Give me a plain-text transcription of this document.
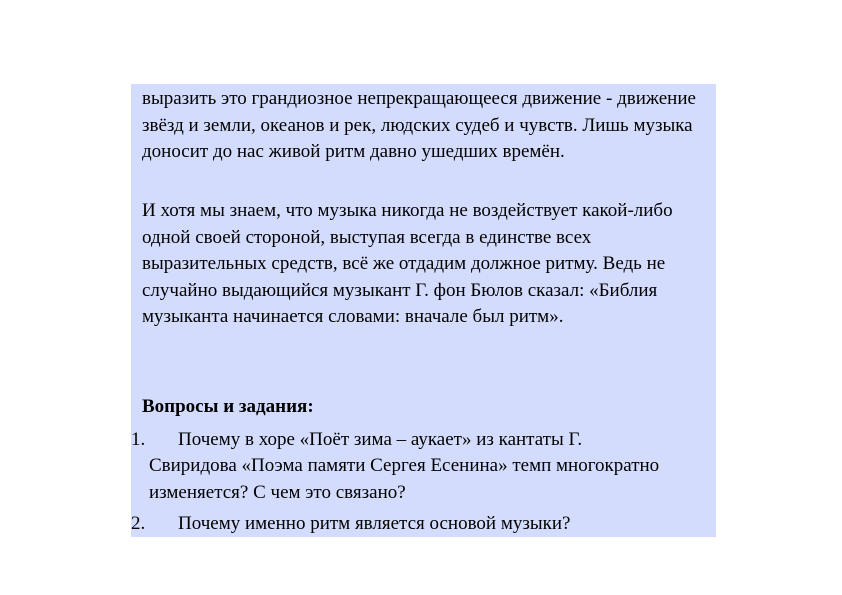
выразить это грандиозное непрекращающееся движение - движение звёзд и земли, океанов и рек, людских судеб и чувств. Лишь музыка доносит до нас живой ритм давно ушедших времён.

И хотя мы знаем, что музыка никогда не воздействует какой-либо одной своей стороной, выступая всегда в единстве всех выразительных средств, всё же отдадим должное ритму. Ведь не случайно выдающийся музыкант Г. фон Бюлов сказал: «Библия музыканта начинается словами: вначале был ритм».

Вопросы и задания:

1. Почему в хоре «Поёт зима – аукает» из кантаты Г.
Свиридова «Поэма памяти Сергея Есенина» темп многократно изменяется? С чем это связано?
2. Почему именно ритм является основой музыки?
